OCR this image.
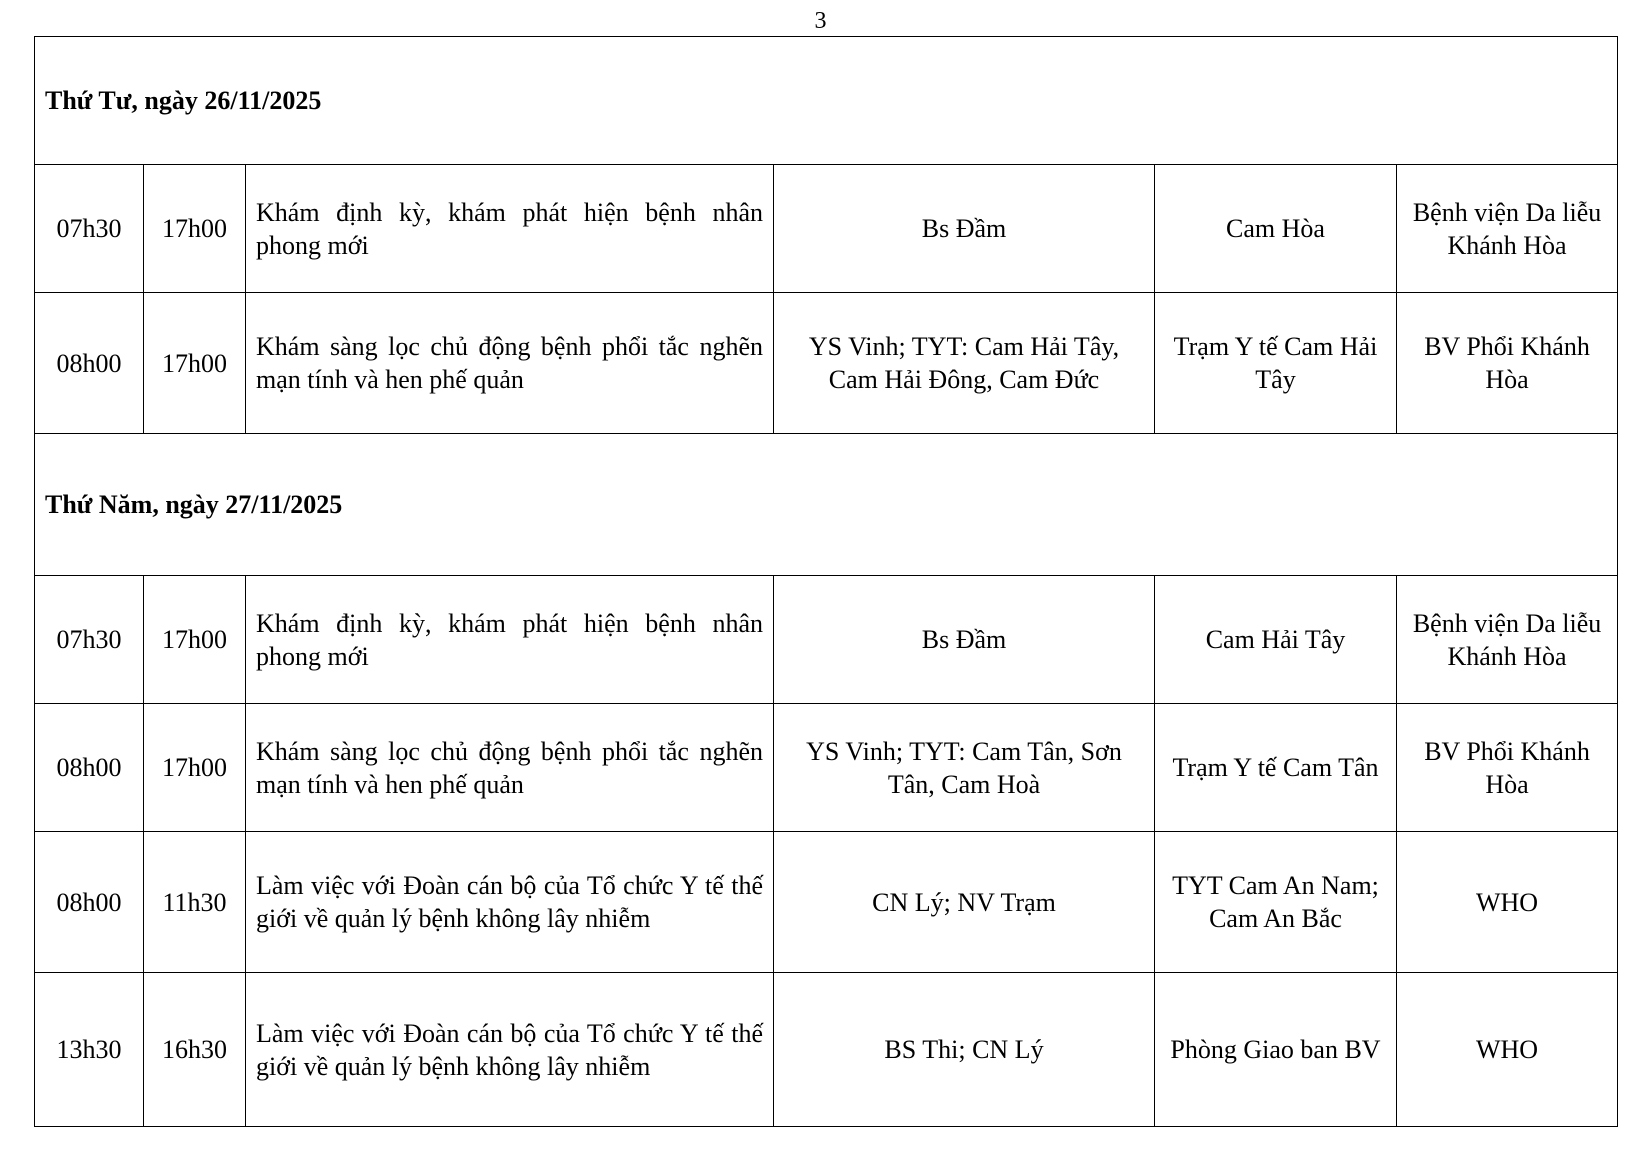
3
Thứ Tư, ngày 26/11/2025					
07h30	17h00	Khám định kỳ, khám phát hiện bệnh nhân phong mới	Bs Đầm	Cam Hòa	Bệnh viện Da liễu Khánh Hòa
08h00	17h00	Khám sàng lọc chủ động bệnh phổi tắc nghẽn mạn tính và hen phế quản	YS Vinh; TYT: Cam Hải Tây, Cam Hải Đông, Cam Đức	Trạm Y tế Cam Hải Tây	BV Phổi Khánh Hòa
Thứ Năm, ngày 27/11/2025					
07h30	17h00	Khám định kỳ, khám phát hiện bệnh nhân phong mới	Bs Đầm	Cam Hải Tây	Bệnh viện Da liễu Khánh Hòa
08h00	17h00	Khám sàng lọc chủ động bệnh phổi tắc nghẽn mạn tính và hen phế quản	YS Vinh; TYT: Cam Tân, Sơn Tân, Cam Hoà	Trạm Y tế Cam Tân	BV Phổi Khánh Hòa
08h00	11h30	Làm việc với Đoàn cán bộ của Tổ chức Y tế thế giới về quản lý bệnh không lây nhiễm	CN Lý; NV Trạm	TYT Cam An Nam; Cam An Bắc	WHO
13h30	16h30	Làm việc với Đoàn cán bộ của Tổ chức Y tế thế giới về quản lý bệnh không lây nhiễm	BS Thi; CN Lý	Phòng Giao ban BV	WHO
